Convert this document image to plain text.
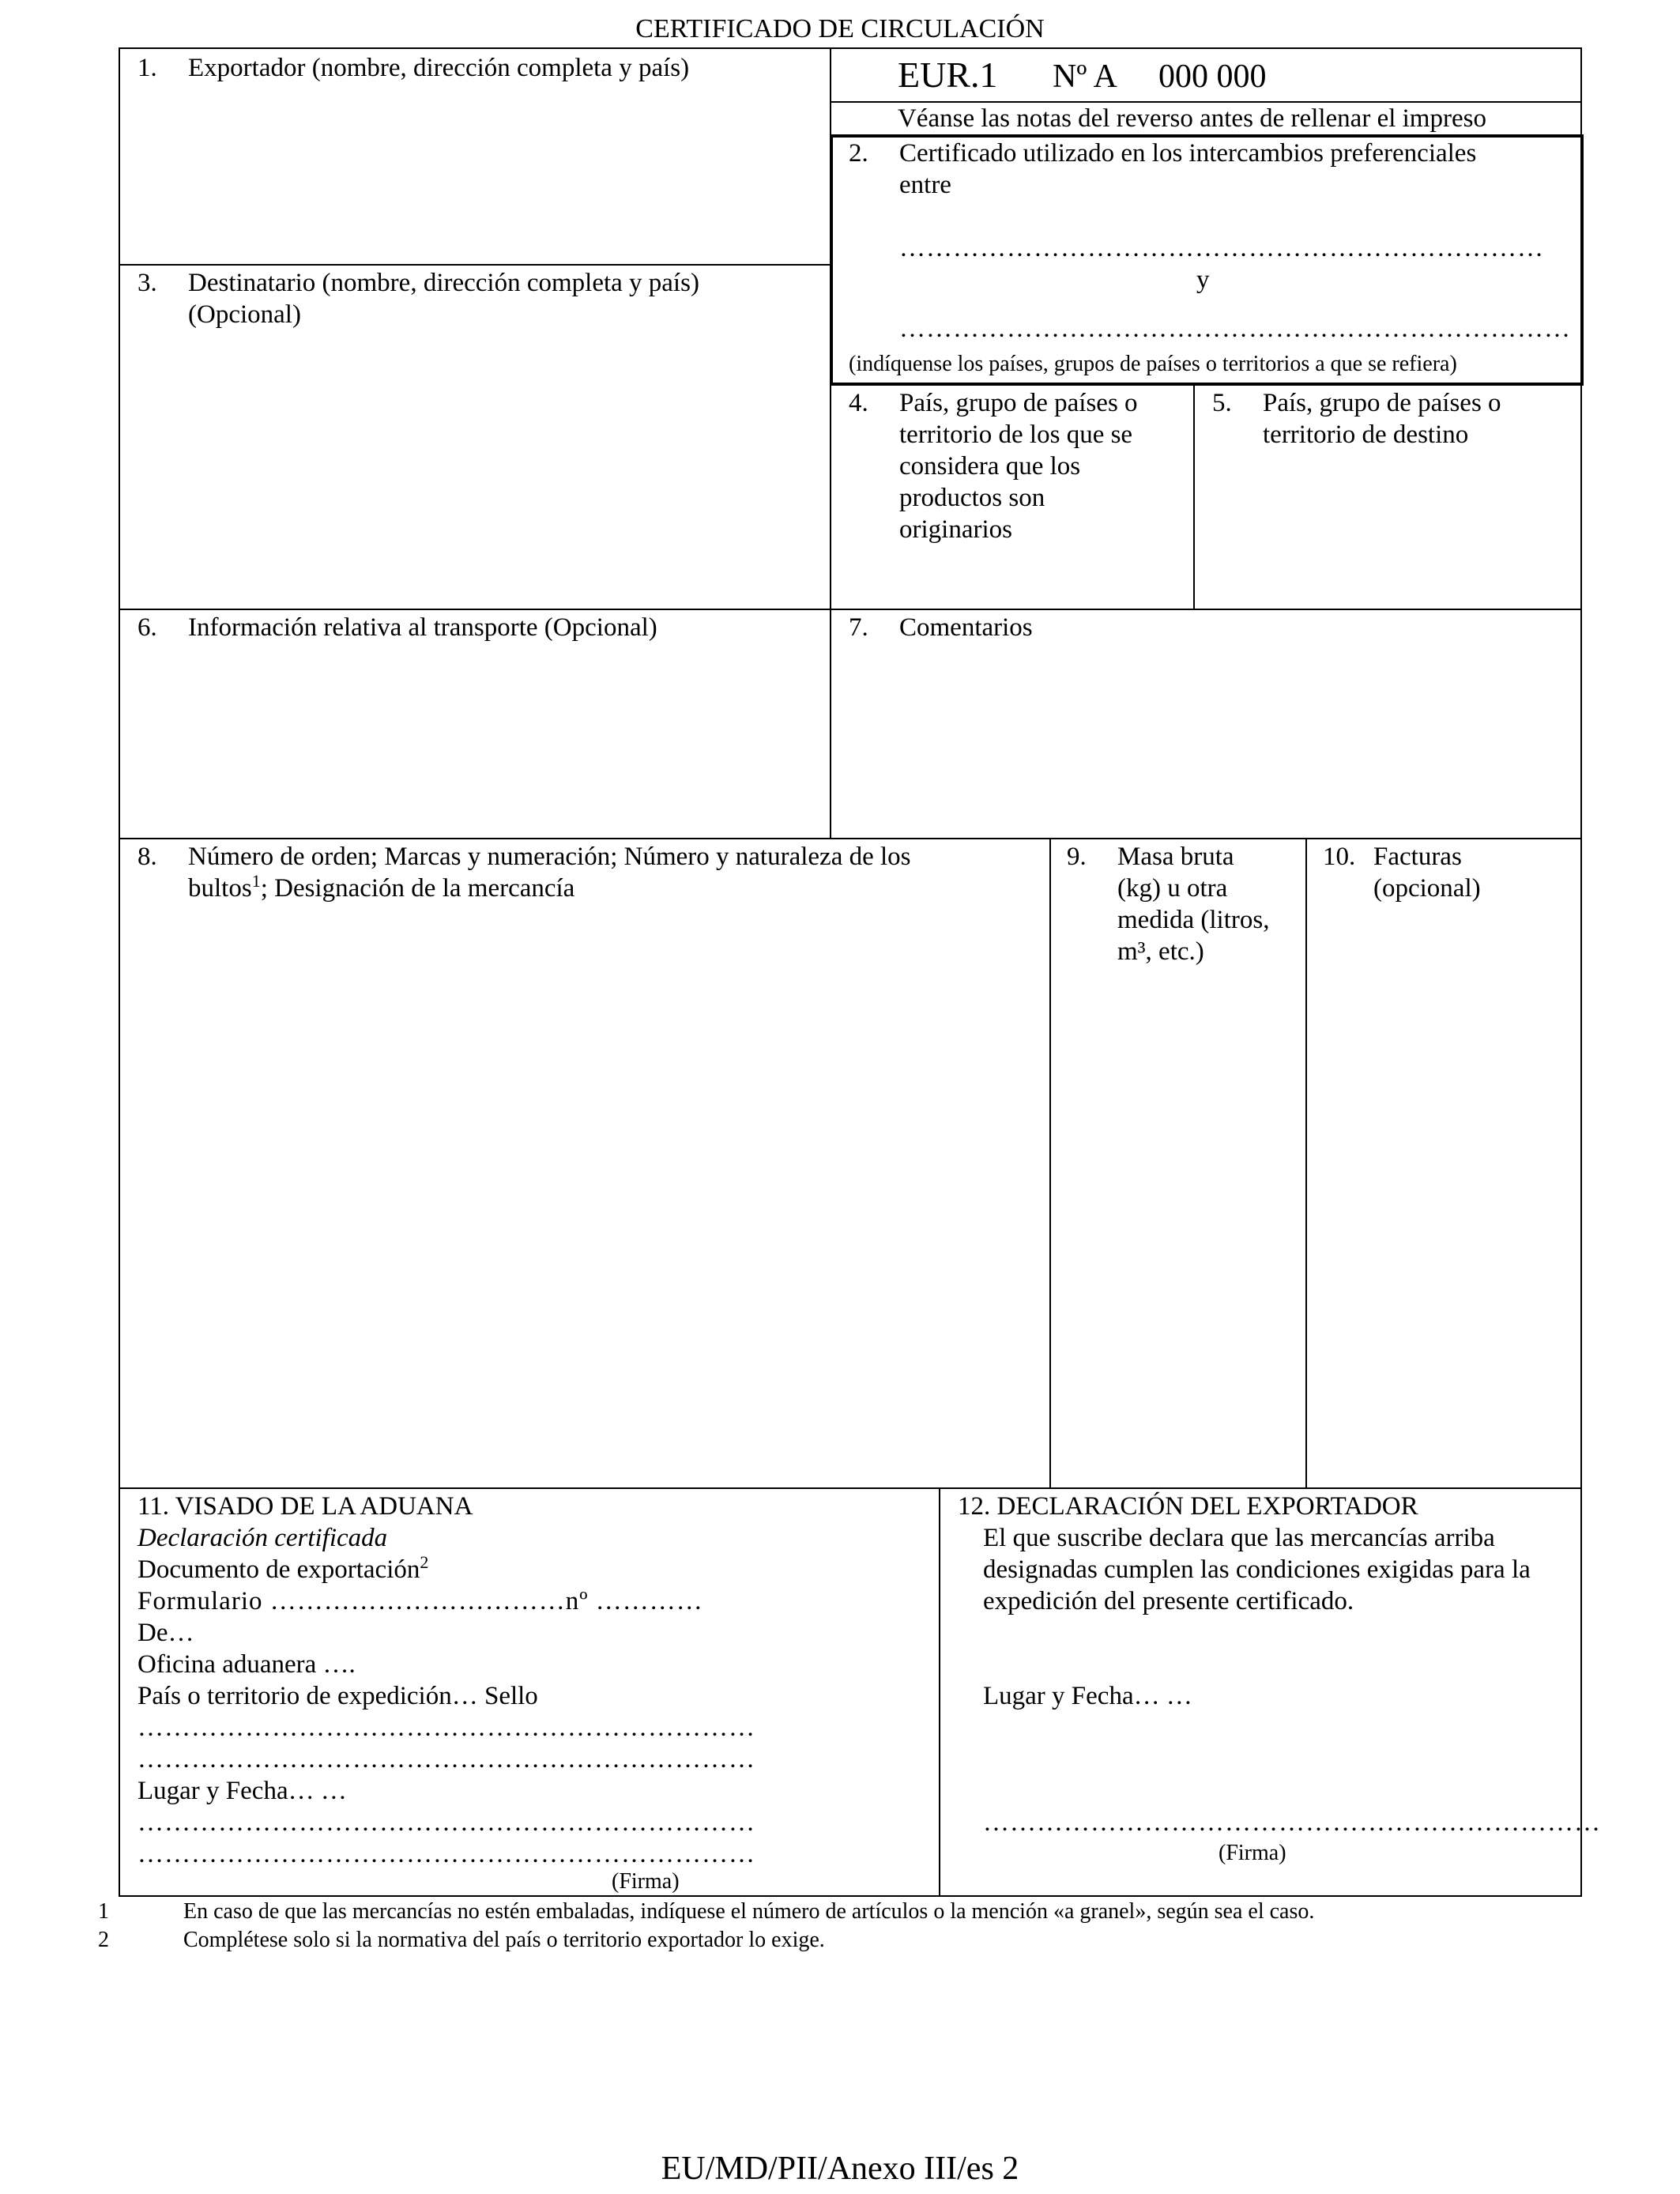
CERTIFICADO DE CIRCULACIÓN
1. Exportador (nombre, dirección completa y país)	EUR.1 Nº A 000 000
Véanse las notas del reverso antes de rellenar el impreso
2. Certificado utilizado en los intercambios preferenciales
entre
………………………………………………………………
y
…………………………………………………………………
(indíquense los países, grupos de países o territorios a que se refiera)
3. Destinatario (nombre, dirección completa y país)
(Opcional)
4. País, grupo de países o
territorio de los que se
considera que los
productos son
originarios
5. País, grupo de países o
territorio de destino
6. Información relativa al transporte (Opcional)	7. Comentarios
8. Número de orden; Marcas y numeración; Número y naturaleza de los
bultos$^1$; Designación de la mercancía
9. Masa bruta
(kg) u otra
medida (litros,
m³, etc.)
10. Facturas
(opcional)
11. VISADO DE LA ADUANA
Declaración certificada
Documento de exportación$^2$
Formulario ……………………………nº …………
De…
Oficina aduanera ….
País o territorio de expedición… Sello
……………………………………………………………
……………………………………………………………
Lugar y Fecha… …
……………………………………………………………
……………………………………………………………
(Firma)
12. DECLARACIÓN DEL EXPORTADOR
El que suscribe declara que las mercancías arriba
designadas cumplen las condiciones exigidas para la
expedición del presente certificado.
Lugar y Fecha… …
……………………………………………………………
(Firma)
1	En caso de que las mercancías no estén embaladas, indíquese el número de artículos o la mención «a granel», según sea el caso.
2	Complétese solo si la normativa del país o territorio exportador lo exige.
EU/MD/PII/Anexo III/es 2
